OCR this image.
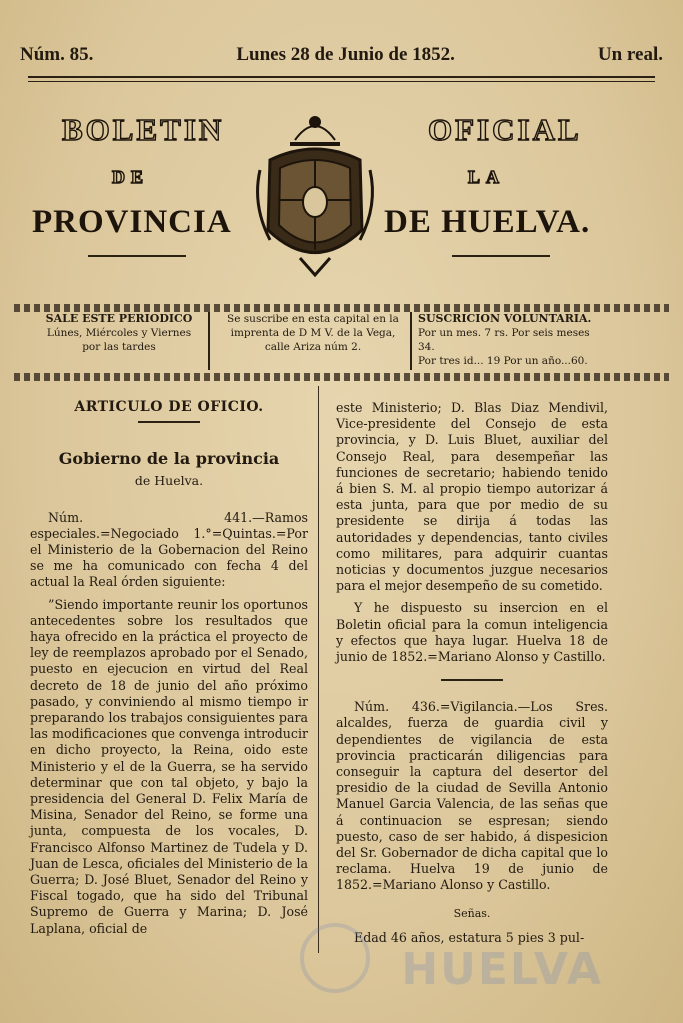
Núm. 85.	Lunes 28 de Junio de 1852.	Un real.
BOLETIN	OFICIAL
DE	LA
PROVINCIA	DE HUELVA.
SALE ESTE PERIODICO
Lúnes, Miércoles y Viernes
por las tardes
Se suscribe en esta capital en la
imprenta de D M V. de la Vega,
calle Ariza núm 2.
SUSCRICION VOLUNTARIA.
Por un mes. 7 rs. Por seis meses 34.
Por tres id... 19 Por un año...60.
ARTICULO DE OFICIO.
Gobierno de la provincia
de Huelva.

Núm. 441.—Ramos especiales.=Negociado 1.°=Quintas.=Por el Ministerio de la Gobernacion del Reino se me ha comunicado con fecha 4 del actual la Real órden siguiente:

”Siendo importante reunir los oportunos antecedentes sobre los resultados que haya ofrecido en la práctica el proyecto de ley de reemplazos aprobado por el Senado, puesto en ejecucion en virtud del Real decreto de 18 de junio del año próximo pasado, y conviniendo al mismo tiempo ir preparando los trabajos consiguientes para las modificaciones que convenga introducir en dicho proyecto, la Reina, oido este Ministerio y el de la Guerra, se ha servido determinar que con tal objeto, y bajo la presidencia del General D. Felix María de Misina, Senador del Reino, se forme una junta, compuesta de los vocales, D. Francisco Alfonso Martinez de Tudela y D. Juan de Lesca, oficiales del Ministerio de la Guerra; D. José Bluet, Senador del Reino y Fiscal togado, que ha sido del Tribunal Supremo de Guerra y Marina; D. José Laplana, oficial de

este Ministerio; D. Blas Diaz Mendivil, Vice-presidente del Consejo de esta provincia, y D. Luis Bluet, auxiliar del Consejo Real, para desempeñar las funciones de secretario; habiendo tenido á bien S. M. al propio tiempo autorizar á esta junta, para que por medio de su presidente se dirija á todas las autoridades y dependencias, tanto civiles como militares, para adquirir cuantas noticias y documentos juzgue necesarios para el mejor desempeño de su cometido.

Y he dispuesto su insercion en el Boletin oficial para la comun inteligencia y efectos que haya lugar. Huelva 18 de junio de 1852.=Mariano Alonso y Castillo.

Núm. 436.=Vigilancia.—Los Sres. alcaldes, fuerza de guardia civil y dependientes de vigilancia de esta provincia practicarán diligencias para conseguir la captura del desertor del presidio de la ciudad de Sevilla Antonio Manuel Garcia Valencia, de las señas que á continuacion se espresan; siendo puesto, caso de ser habido, á dispesicion del Sr. Gobernador de dicha capital que lo reclama. Huelva 19 de junio de 1852.=Mariano Alonso y Castillo.

Señas.

Edad 46 años, estatura 5 pies 3 pul-

HUELVA
